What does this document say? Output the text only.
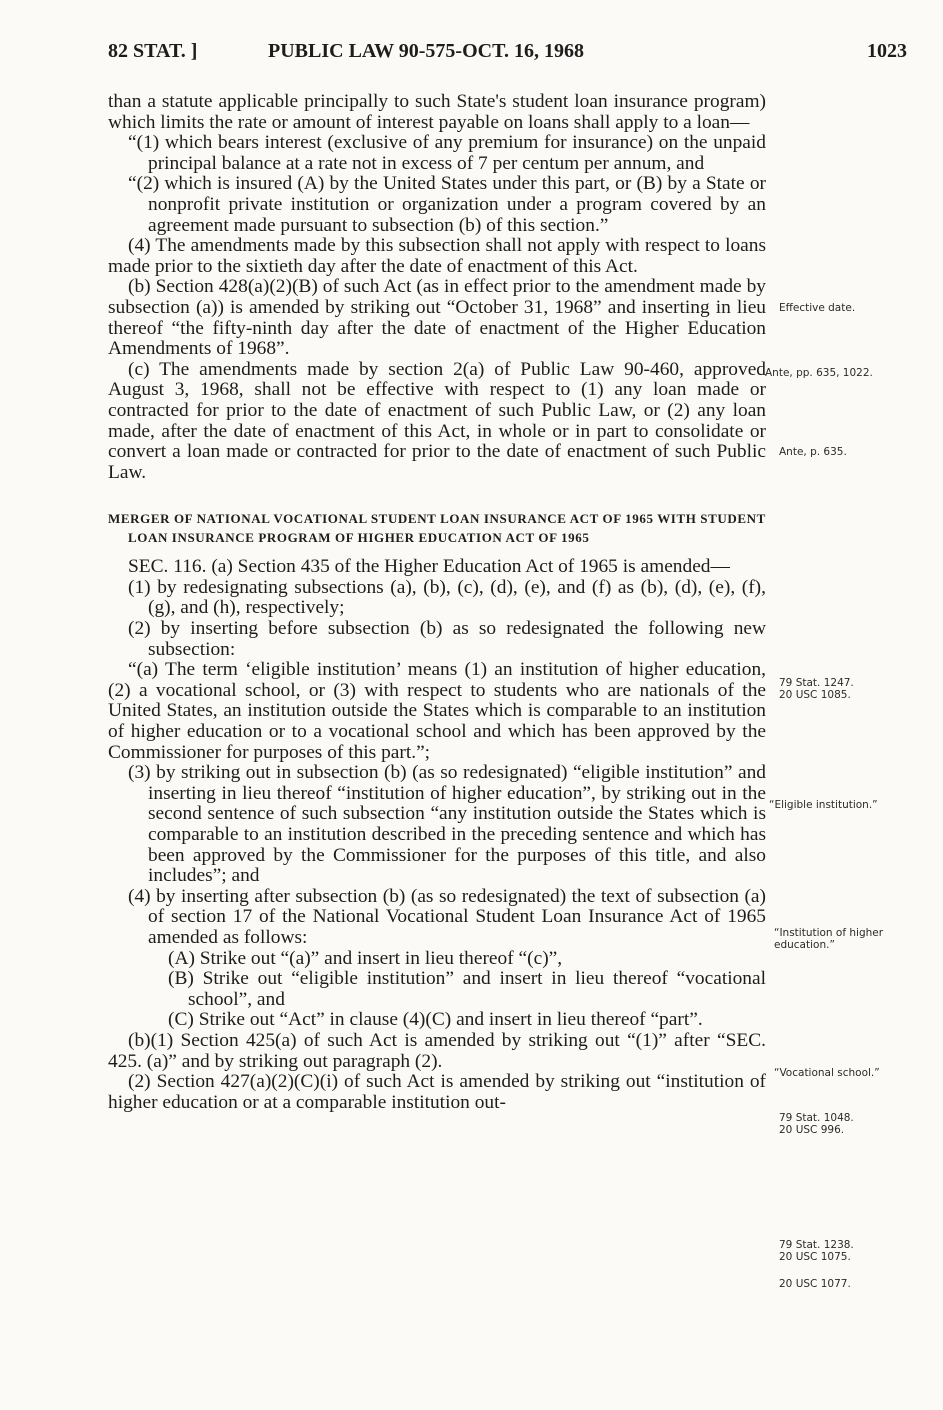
82 STAT. ]	PUBLIC LAW 90-575-OCT. 16, 1968	1023

than a statute applicable principally to such State's student loan insurance program) which limits the rate or amount of interest payable on loans shall apply to a loan—

“(1) which bears interest (exclusive of any premium for insurance) on the unpaid principal balance at a rate not in excess of 7 per centum per annum, and

“(2) which is insured (A) by the United States under this part, or (B) by a State or nonprofit private institution or organization under a program covered by an agreement made pursuant to subsection (b) of this section.”

(4) The amendments made by this subsection shall not apply with respect to loans made prior to the sixtieth day after the date of enactment of this Act.

(b) Section 428(a)(2)(B) of such Act (as in effect prior to the amendment made by subsection (a)) is amended by striking out “October 31, 1968” and inserting in lieu thereof “the fifty-ninth day after the date of enactment of the Higher Education Amendments of 1968”.

(c) The amendments made by section 2(a) of Public Law 90-460, approved August 3, 1968, shall not be effective with respect to (1) any loan made or contracted for prior to the date of enactment of such Public Law, or (2) any loan made, after the date of enactment of this Act, in whole or in part to consolidate or convert a loan made or contracted for prior to the date of enactment of such Public Law.

MERGER OF NATIONAL VOCATIONAL STUDENT LOAN INSURANCE ACT OF 1965 WITH STUDENT LOAN INSURANCE PROGRAM OF HIGHER EDUCATION ACT OF 1965

SEC. 116. (a) Section 435 of the Higher Education Act of 1965 is amended—

(1) by redesignating subsections (a), (b), (c), (d), (e), and (f) as (b), (d), (e), (f), (g), and (h), respectively;

(2) by inserting before subsection (b) as so redesignated the following new subsection:

“(a) The term ‘eligible institution’ means (1) an institution of higher education, (2) a vocational school, or (3) with respect to students who are nationals of the United States, an institution outside the States which is comparable to an institution of higher education or to a vocational school and which has been approved by the Commissioner for purposes of this part.”;

(3) by striking out in subsection (b) (as so redesignated) “eligible institution” and inserting in lieu thereof “institution of higher education”, by striking out in the second sentence of such subsection “any institution outside the States which is comparable to an institution described in the preceding sentence and which has been approved by the Commissioner for the purposes of this title, and also includes”; and

(4) by inserting after subsection (b) (as so redesignated) the text of subsection (a) of section 17 of the National Vocational Student Loan Insurance Act of 1965 amended as follows:

(A) Strike out “(a)” and insert in lieu thereof “(c)”,

(B) Strike out “eligible institution” and insert in lieu thereof “vocational school”, and

(C) Strike out “Act” in clause (4)(C) and insert in lieu thereof “part”.

(b)(1) Section 425(a) of such Act is amended by striking out “(1)” after “SEC. 425. (a)” and by striking out paragraph (2).

(2) Section 427(a)(2)(C)(i) of such Act is amended by striking out “institution of higher education or at a comparable institution out-

Effective date.
Ante, pp. 635, 1022.
Ante, p. 635.
79 Stat. 1247.
20 USC 1085.
“Eligible institution.”
“Institution of higher education.”
“Vocational school.”
79 Stat. 1048.
20 USC 996.
79 Stat. 1238.
20 USC 1075.
20 USC 1077.
